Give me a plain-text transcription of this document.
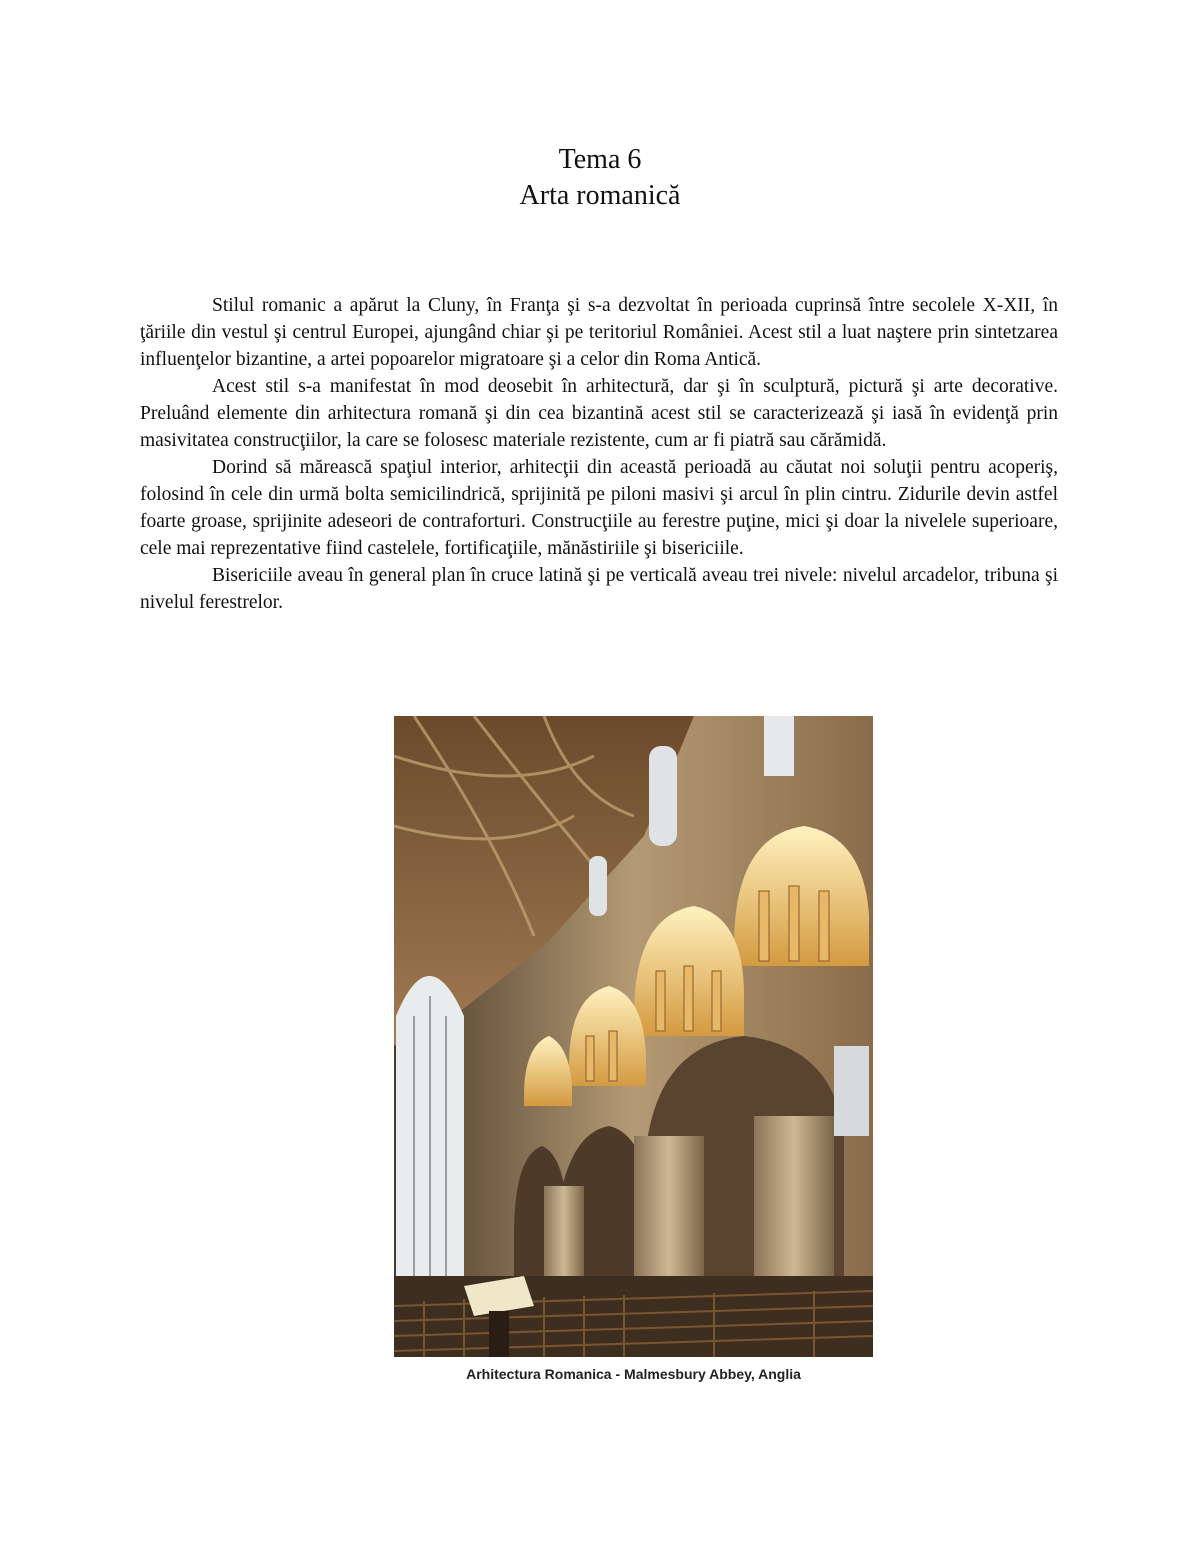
Tema 6
Arta romanică

Stilul romanic a apărut la Cluny, în Franţa şi s-a dezvoltat în perioada cuprinsă între secolele X-XII, în ţăriile din vestul şi centrul Europei, ajungând chiar şi pe teritoriul României. Acest stil a luat naştere prin sintetzarea influenţelor bizantine, a artei popoarelor migratoare şi a celor din Roma Antică.

Acest stil s-a manifestat în mod deosebit în arhitectură, dar şi în sculptură, pictură şi arte decorative. Preluând elemente din arhitectura romană şi din cea bizantină acest stil se caracterizează şi iasă în evidenţă prin masivitatea construcţiilor, la care se folosesc materiale rezistente, cum ar fi piatră sau cărămidă.

Dorind să mărească spaţiul interior, arhitecţii din această perioadă au căutat noi soluţii pentru acoperiş, folosind în cele din urmă bolta semicilindrică, sprijinită pe piloni masivi şi arcul în plin cintru. Zidurile devin astfel foarte groase, sprijinite adeseori de contraforturi. Construcţiile au ferestre puţine, mici şi doar la nivelele superioare, cele mai reprezentative fiind castelele, fortificaţiile, mănăstiriile şi bisericiile.

Bisericiile aveau în general plan în cruce latină şi pe verticală aveau trei nivele: nivelul arcadelor, tribuna şi nivelul ferestrelor.

Arhitectura Romanica - Malmesbury Abbey, Anglia
